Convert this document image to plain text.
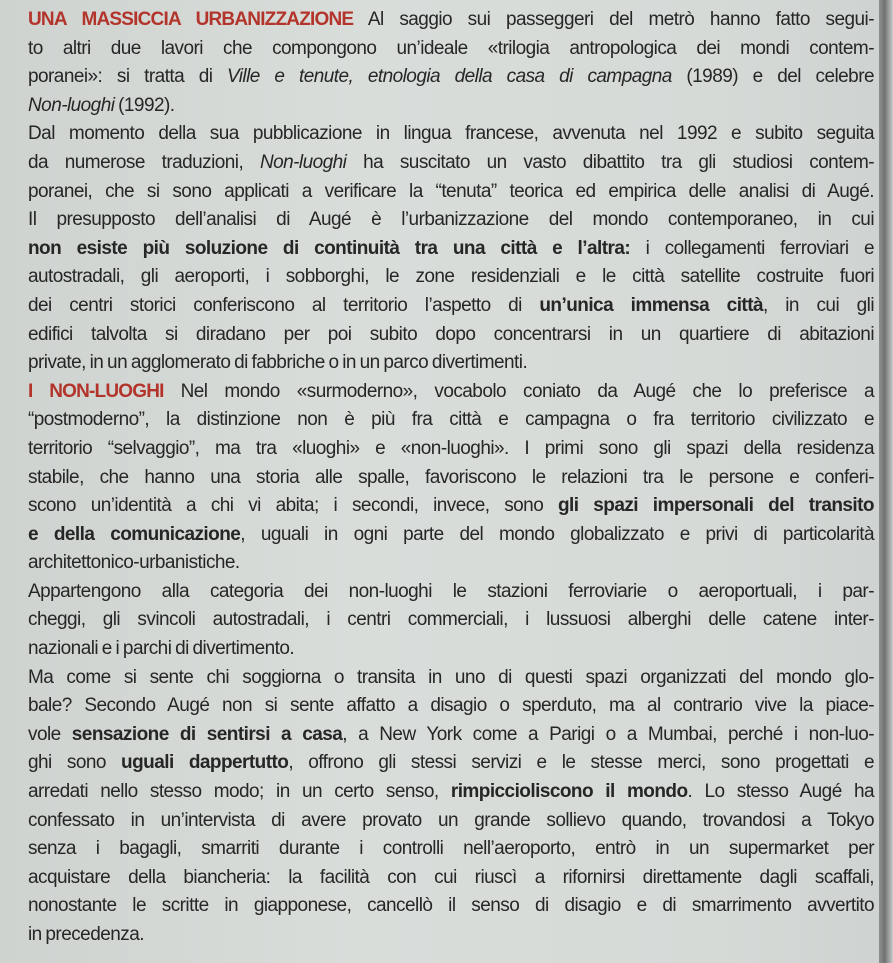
UNA MASSICCIA URBANIZZAZIONE Al saggio sui passeggeri del metrò hanno fatto segui-
to altri due lavori che compongono un’ideale «trilogia antropologica dei mondi contem-
poranei»: si tratta di Ville e tenute, etnologia della casa di campagna (1989) e del celebre
Non-luoghi (1992).
Dal momento della sua pubblicazione in lingua francese, avvenuta nel 1992 e subito seguita
da numerose traduzioni, Non-luoghi ha suscitato un vasto dibattito tra gli studiosi contem-
poranei, che si sono applicati a verificare la “tenuta” teorica ed empirica delle analisi di Augé.
Il presupposto dell’analisi di Augé è l’urbanizzazione del mondo contemporaneo, in cui
non esiste più soluzione di continuità tra una città e l’altra: i collegamenti ferroviari e
autostradali, gli aeroporti, i sobborghi, le zone residenziali e le città satellite costruite fuori
dei centri storici conferiscono al territorio l’aspetto di un’unica immensa città, in cui gli
edifici talvolta si diradano per poi subito dopo concentrarsi in un quartiere di abitazioni
private, in un agglomerato di fabbriche o in un parco divertimenti.
I NON-LUOGHI Nel mondo «surmoderno», vocabolo coniato da Augé che lo preferisce a
“postmoderno”, la distinzione non è più fra città e campagna o fra territorio civilizzato e
territorio “selvaggio”, ma tra «luoghi» e «non-luoghi». I primi sono gli spazi della residenza
stabile, che hanno una storia alle spalle, favoriscono le relazioni tra le persone e conferi-
scono un’identità a chi vi abita; i secondi, invece, sono gli spazi impersonali del transito
e della comunicazione, uguali in ogni parte del mondo globalizzato e privi di particolarità
architettonico-urbanistiche.
Appartengono alla categoria dei non-luoghi le stazioni ferroviarie o aeroportuali, i par-
cheggi, gli svincoli autostradali, i centri commerciali, i lussuosi alberghi delle catene inter-
nazionali e i parchi di divertimento.
Ma come si sente chi soggiorna o transita in uno di questi spazi organizzati del mondo glo-
bale? Secondo Augé non si sente affatto a disagio o sperduto, ma al contrario vive la piace-
vole sensazione di sentirsi a casa, a New York come a Parigi o a Mumbai, perché i non-luo-
ghi sono uguali dappertutto, offrono gli stessi servizi e le stesse merci, sono progettati e
arredati nello stesso modo; in un certo senso, rimpiccioliscono il mondo. Lo stesso Augé ha
confessato in un’intervista di avere provato un grande sollievo quando, trovandosi a Tokyo
senza i bagagli, smarriti durante i controlli nell’aeroporto, entrò in un supermarket per
acquistare della biancheria: la facilità con cui riuscì a rifornirsi direttamente dagli scaffali,
nonostante le scritte in giapponese, cancellò il senso di disagio e di smarrimento avvertito
in precedenza.
